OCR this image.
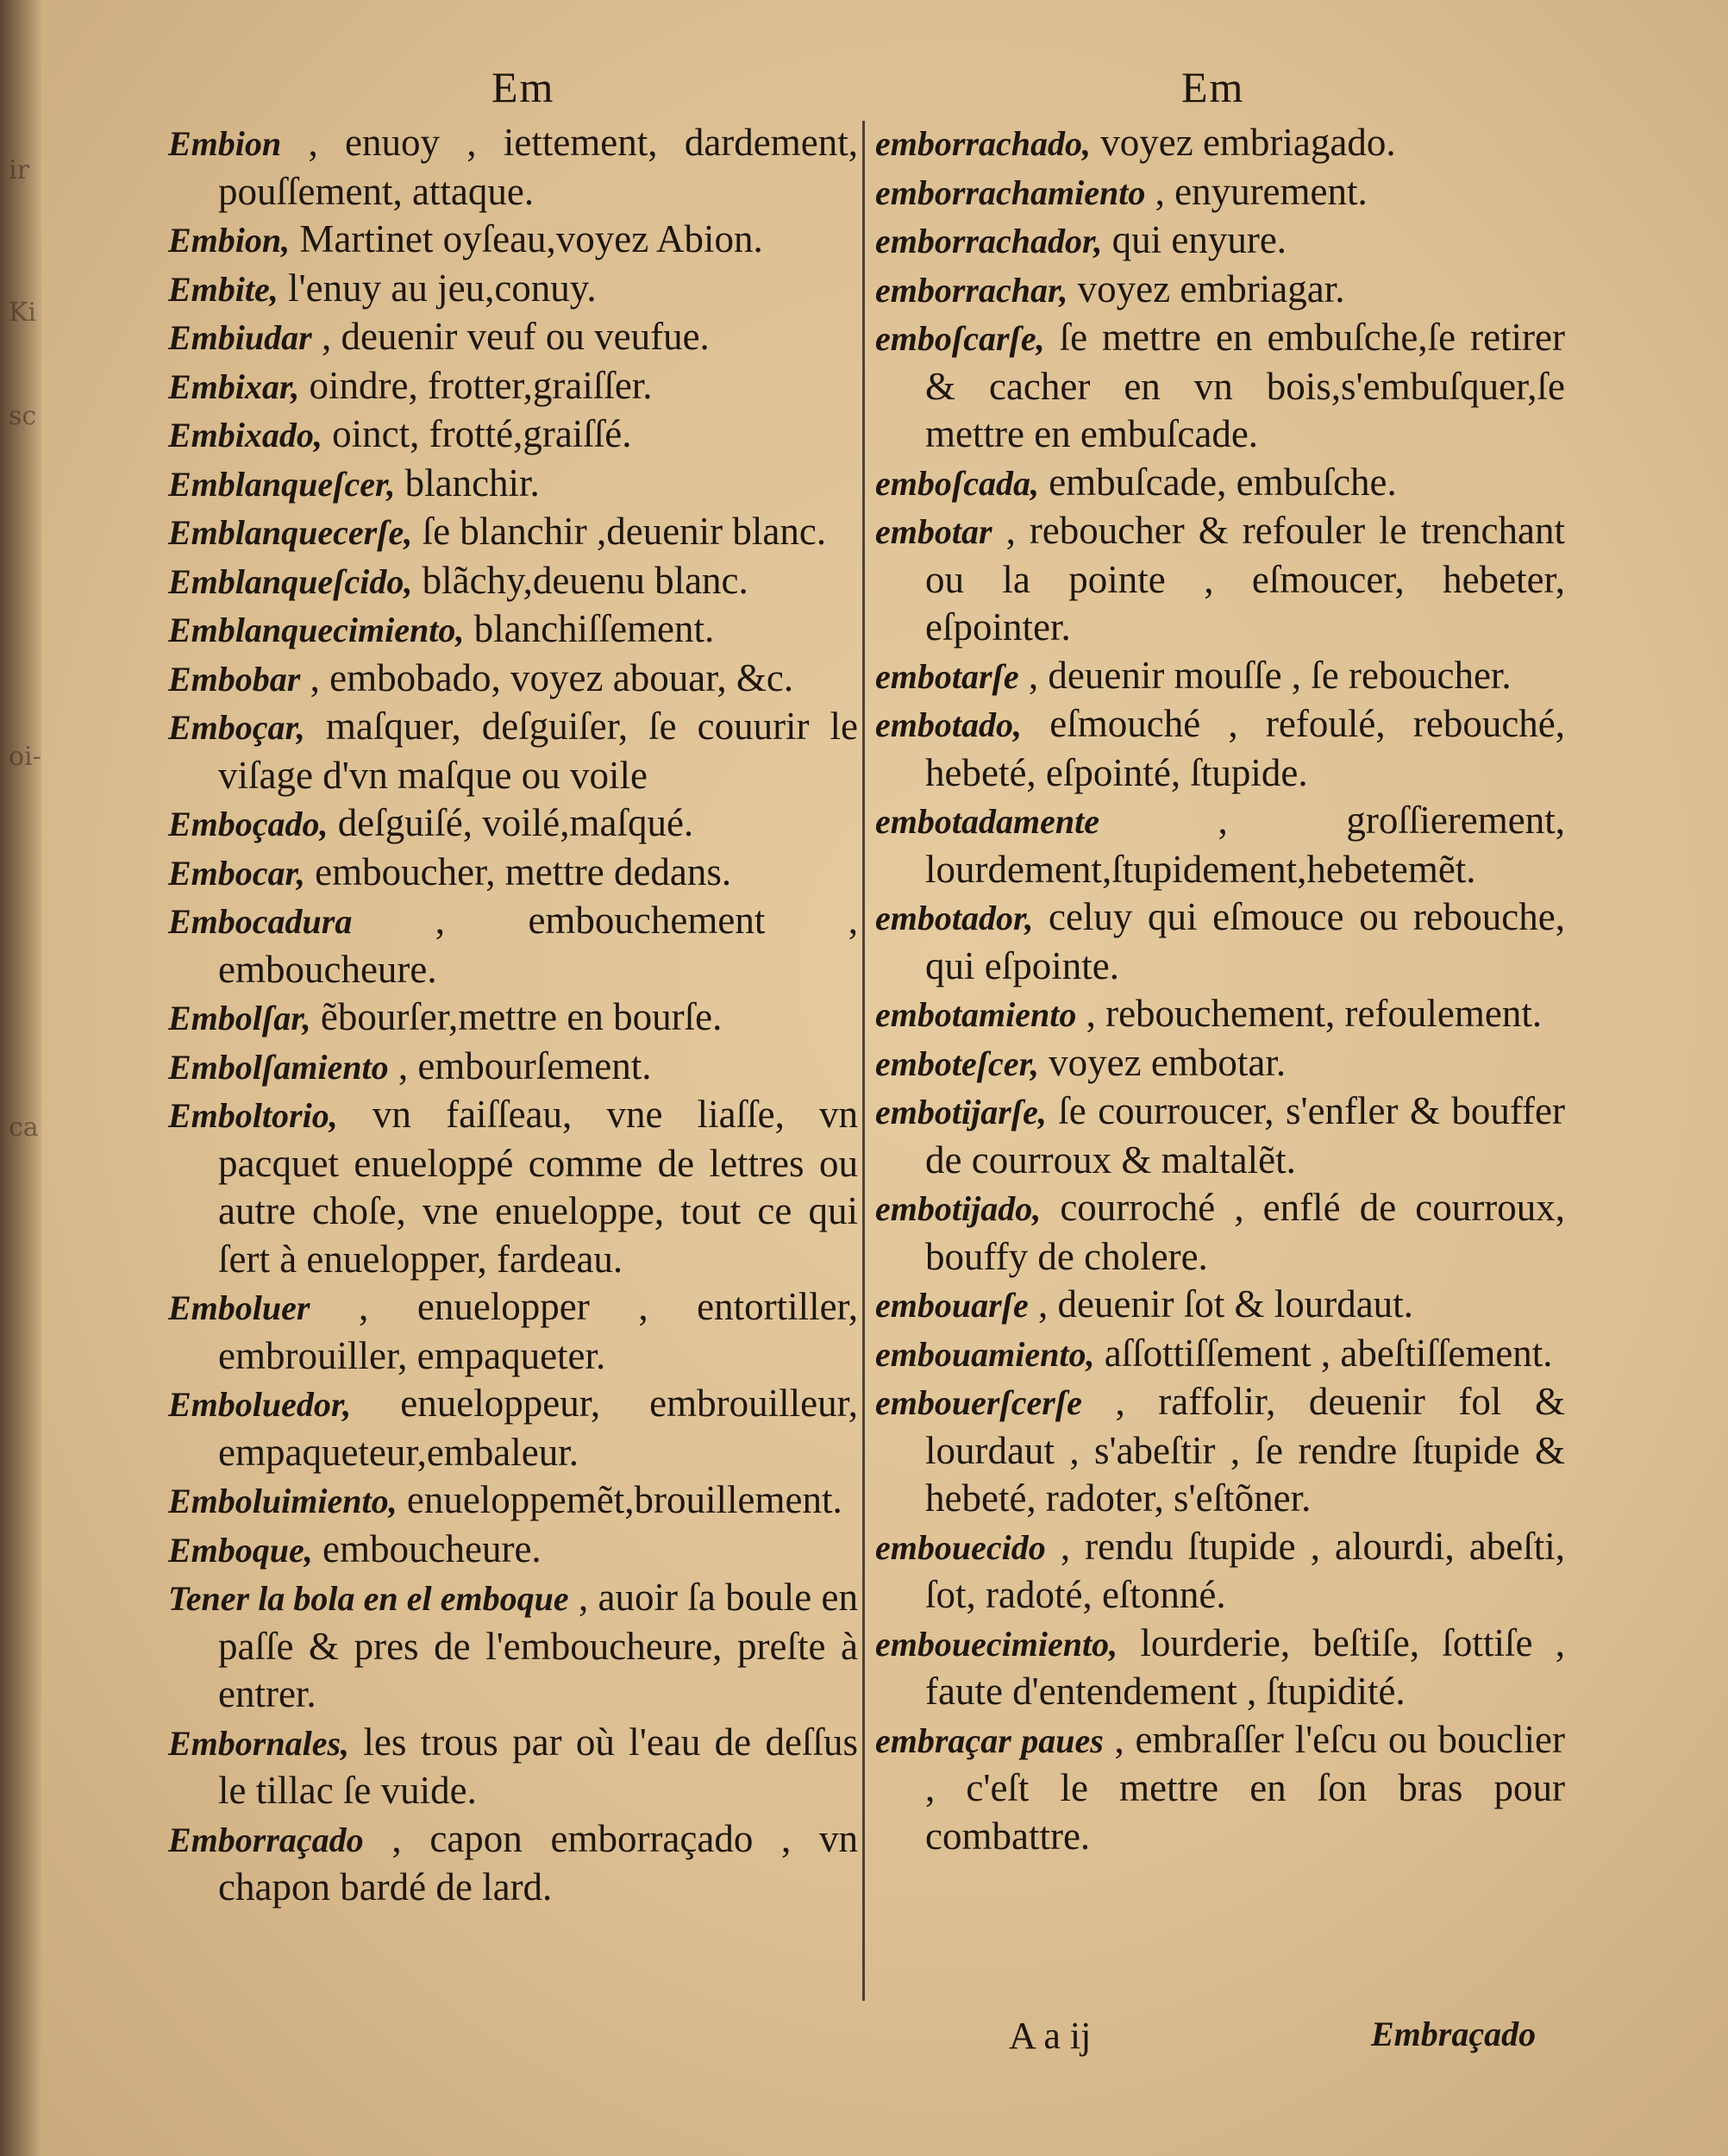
ir
Ki
sc
oi-
ca
Em	Em

Embion , enuoy , iettement, dardement, pouſſement, attaque.

Embion, Martinet oyſeau,voyez Abion.

Embite, l'enuy au jeu,conuy.

Embiudar , deuenir veuf ou veufue.

Embixar, oindre, frotter,graiſſer.

Embixado, oinct, frotté,graiſſé.

Emblanqueſcer, blanchir.

Emblanquecerſe, ſe blanchir ,deuenir blanc.

Emblanqueſcido, blãchy,deuenu blanc.

Emblanquecimiento, blanchiſſement.

Embobar , embobado, voyez abouar, &c.

Emboçar, maſquer, deſguiſer, ſe couurir le viſage d'vn maſque ou voile

Emboçado, deſguiſé, voilé,maſqué.

Embocar, emboucher, mettre dedans.

Embocadura , embouchement , emboucheure.

Embolſar, ẽbourſer,mettre en bourſe.

Embolſamiento , embourſement.

Emboltorio, vn faiſſeau, vne liaſſe, vn pacquet enueloppé comme de lettres ou autre choſe, vne enueloppe, tout ce qui ſert à enuelopper, fardeau.

Emboluer , enuelopper , entortiller, embrouiller, empaqueter.

Emboluedor, enueloppeur, embrouilleur, empaqueteur,embaleur.

Emboluimiento, enueloppemẽt,brouillement.

Emboque, emboucheure.

Tener la bola en el emboque , auoir ſa boule en paſſe & pres de l'emboucheure, preſte à entrer.

Embornales, les trous par où l'eau de deſſus le tillac ſe vuide.

Emborraçado , capon emborraçado , vn chapon bardé de lard.

emborrachado, voyez embriagado.

emborrachamiento , enyurement.

emborrachador, qui enyure.

emborrachar, voyez embriagar.

emboſcarſe, ſe mettre en embuſche,ſe retirer & cacher en vn bois,s'embuſquer,ſe mettre en embuſcade.

emboſcada, embuſcade, embuſche.

embotar , reboucher & refouler le trenchant ou la pointe , eſmoucer, hebeter, eſpointer.

embotarſe , deuenir mouſſe , ſe reboucher.

embotado, eſmouché , refoulé, rebouché, hebeté, eſpointé, ſtupide.

embotadamente	, groſſierement, lourdement,ſtupidement,hebetemẽt.

embotador, celuy qui eſmouce ou rebouche, qui eſpointe.

embotamiento , rebouchement, refoulement.

emboteſcer, voyez embotar.

embotijarſe, ſe courroucer, s'enfler & bouffer de courroux & maltalẽt.

embotijado, courroché , enflé de courroux, bouffy de cholere.

embouarſe , deuenir ſot & lourdaut.

embouamiento, aſſottiſſement , abeſtiſſement.

embouerſcerſe , raffolir, deuenir fol & lourdaut , s'abeſtir , ſe rendre ſtupide & hebeté, radoter, s'eſtõner.

embouecido , rendu ſtupide , alourdi, abeſti, ſot, radoté, eſtonné.

embouecimiento, lourderie, beſtiſe, ſottiſe , faute d'entendement , ſtupidité.

embraçar paues , embraſſer l'eſcu ou bouclier , c'eſt le mettre en ſon bras pour combattre.

A a ij	Embraçado
